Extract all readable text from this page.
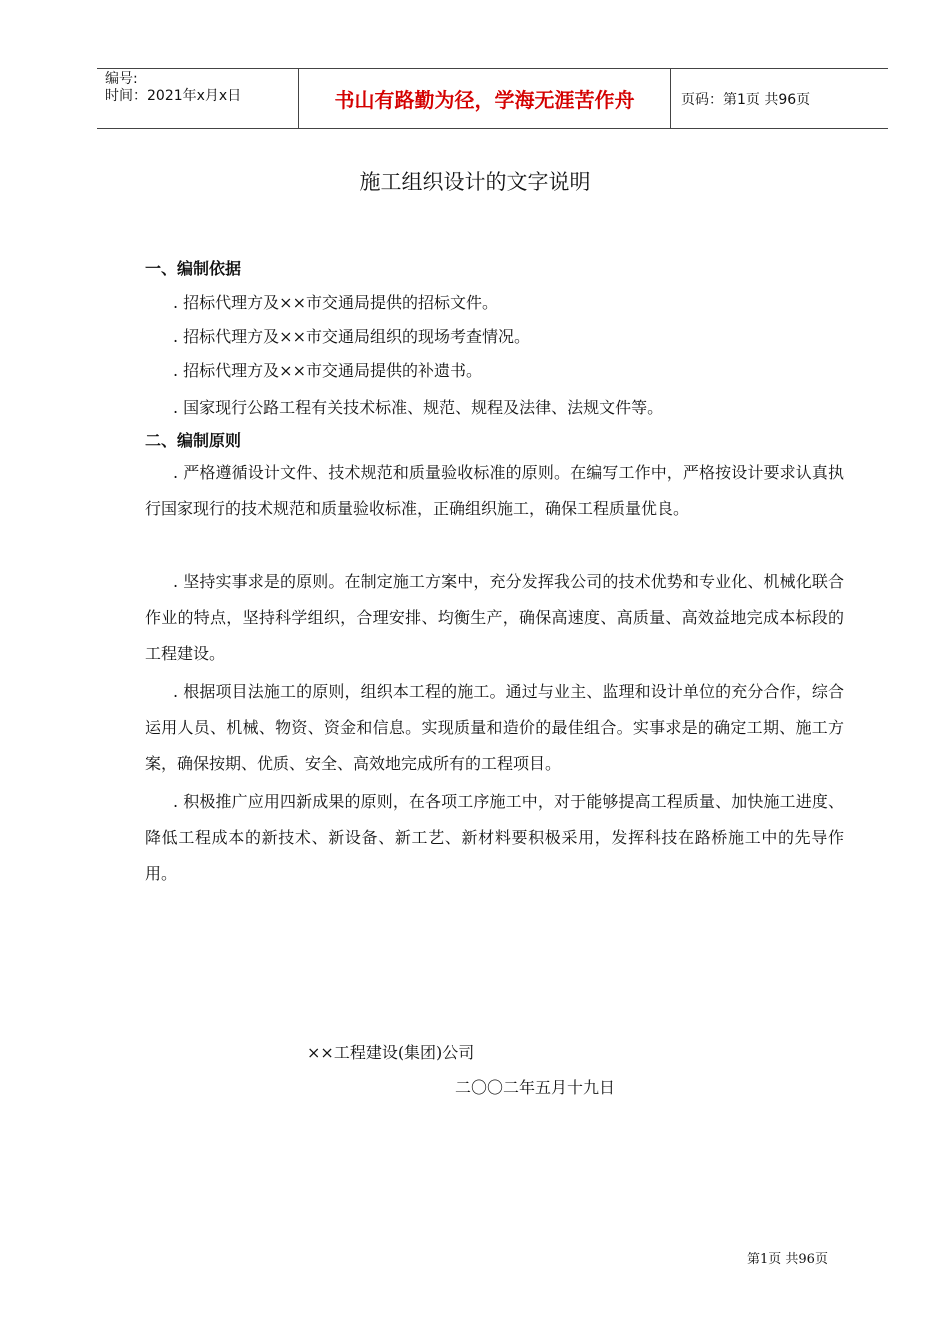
编号:
时间：2021年x月x日	书山有路勤为径，学海无涯苦作舟	页码：第1页 共96页
施工组织设计的文字说明
一、编制依据
. 招标代理方及××市交通局提供的招标文件。
. 招标代理方及××市交通局组织的现场考查情况。
. 招标代理方及××市交通局提供的补遗书。
. 国家现行公路工程有关技术标准、规范、规程及法律、法规文件等。
二、编制原则

. 严格遵循设计文件、技术规范和质量验收标准的原则。在编写工作中，严格按设计要求认真执行国家现行的技术规范和质量验收标准，正确组织施工，确保工程质量优良。

. 坚持实事求是的原则。在制定施工方案中，充分发挥我公司的技术优势和专业化、机械化联合作业的特点，坚持科学组织，合理安排、均衡生产，确保高速度、高质量、高效益地完成本标段的工程建设。

. 根据项目法施工的原则，组织本工程的施工。通过与业主、监理和设计单位的充分合作，综合运用人员、机械、物资、资金和信息。实现质量和造价的最佳组合。实事求是的确定工期、施工方案，确保按期、优质、安全、高效地完成所有的工程项目。

. 积极推广应用四新成果的原则，在各项工序施工中，对于能够提高工程质量、加快施工进度、降低工程成本的新技术、新设备、新工艺、新材料要积极采用，发挥科技在路桥施工中的先导作用。

××工程建设(集团)公司
二〇〇二年五月十九日
第1页 共96页
